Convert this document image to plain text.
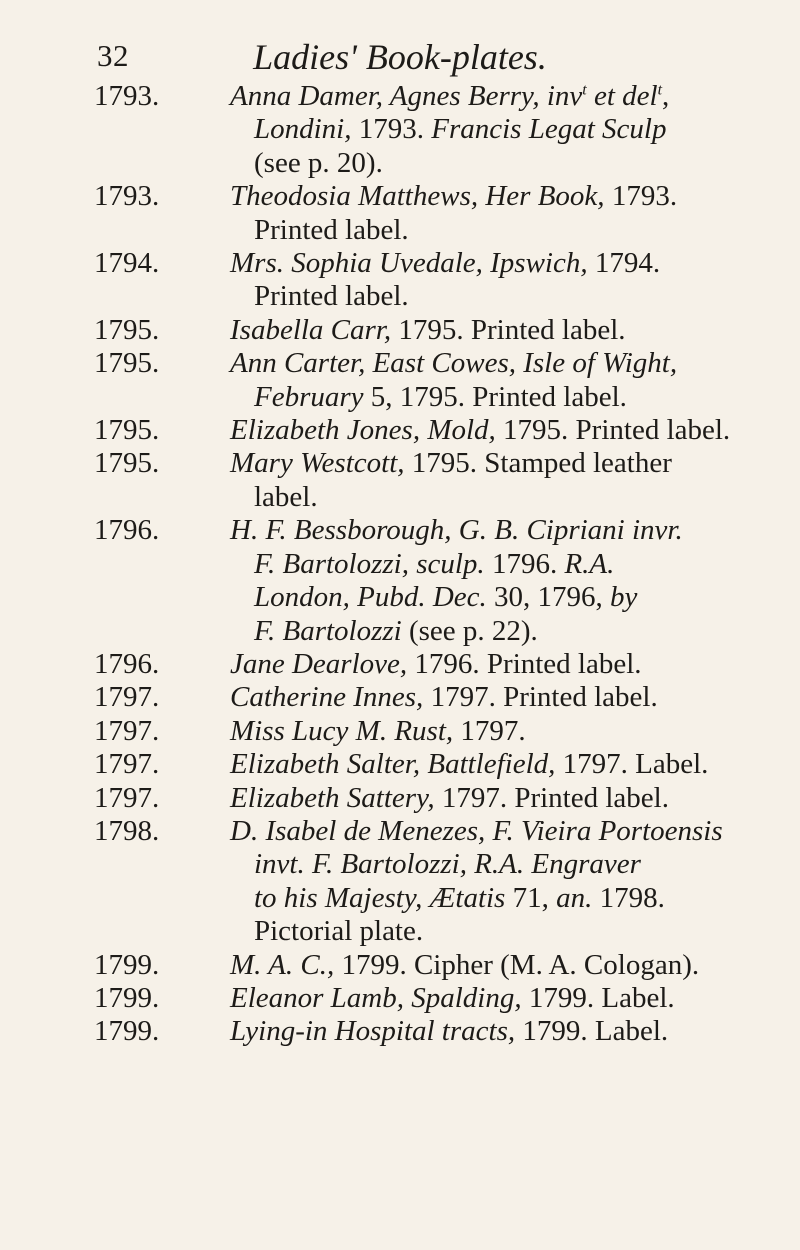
32	Ladies' Book-plates.
1793. Anna Damer, Agnes Berry, inv$^t$ et del$^t$,
Londini, 1793. Francis Legat Sculp
(see p. 20).
1793. Theodosia Matthews, Her Book, 1793.
Printed label.
1794. Mrs. Sophia Uvedale, Ipswich, 1794.
Printed label.
1795. Isabella Carr, 1795. Printed label.
1795. Ann Carter, East Cowes, Isle of Wight,
February 5, 1795. Printed label.
1795. Elizabeth Jones, Mold, 1795. Printed label.
1795. Mary Westcott, 1795. Stamped leather
label.
1796. H. F. Bessborough, G. B. Cipriani invr.
F. Bartolozzi, sculp. 1796. R.A.
London, Pubd. Dec. 30, 1796, by
F. Bartolozzi (see p. 22).
1796. Jane Dearlove, 1796. Printed label.
1797. Catherine Innes, 1797. Printed label.
1797. Miss Lucy M. Rust, 1797.
1797. Elizabeth Salter, Battlefield, 1797. Label.
1797. Elizabeth Sattery, 1797. Printed label.
1798. D. Isabel de Menezes, F. Vieira Portoensis
invt. F. Bartolozzi, R.A. Engraver
to his Majesty, Ætatis 71, an. 1798.
Pictorial plate.
1799. M. A. C., 1799. Cipher (M. A. Cologan).
1799. Eleanor Lamb, Spalding, 1799. Label.
1799. Lying-in Hospital tracts, 1799. Label.
